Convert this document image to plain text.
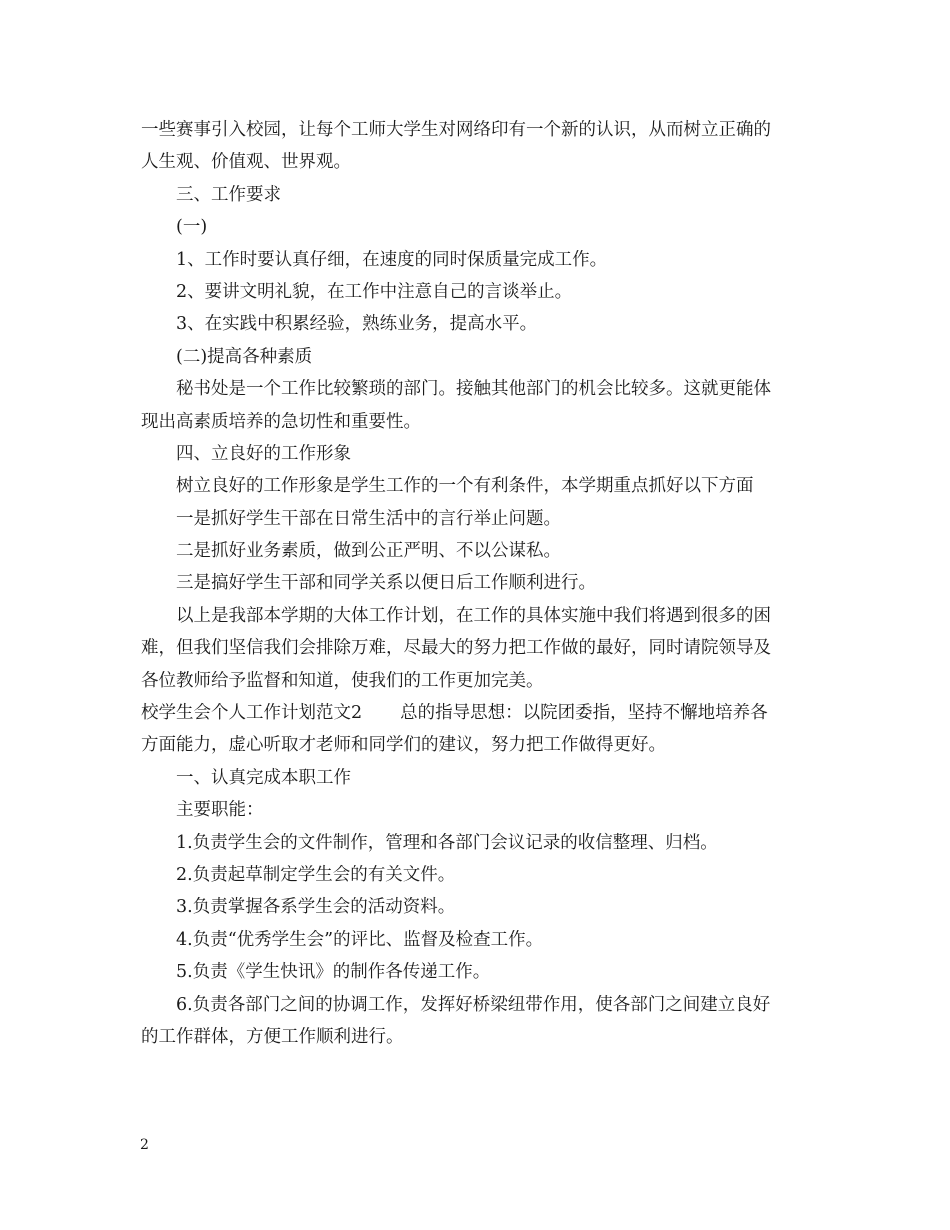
一些赛事引入校园，让每个工师大学生对网络印有一个新的认识，从而树立正确的
人生观、价值观、世界观。
三、工作要求
(一)
1、工作时要认真仔细，在速度的同时保质量完成工作。
2、要讲文明礼貌，在工作中注意自己的言谈举止。
3、在实践中积累经验，熟练业务，提高水平。
(二)提高各种素质
秘书处是一个工作比较繁琐的部门。接触其他部门的机会比较多。这就更能体
现出高素质培养的急切性和重要性。
四、立良好的工作形象
树立良好的工作形象是学生工作的一个有利条件，本学期重点抓好以下方面
一是抓好学生干部在日常生活中的言行举止问题。
二是抓好业务素质，做到公正严明、不以公谋私。
三是搞好学生干部和同学关系以便日后工作顺利进行。
以上是我部本学期的大体工作计划，在工作的具体实施中我们将遇到很多的困
难，但我们坚信我们会排除万难，尽最大的努力把工作做的最好，同时请院领导及
各位教师给予监督和知道，使我们的工作更加完美。
校学生会个人工作计划范文2 总的指导思想：以院团委指，坚持不懈地培养各
方面能力，虚心听取才老师和同学们的建议，努力把工作做得更好。
一、认真完成本职工作
主要职能：
1.负责学生会的文件制作，管理和各部门会议记录的收信整理、归档。
2.负责起草制定学生会的有关文件。
3.负责掌握各系学生会的活动资料。
4.负责“优秀学生会”的评比、监督及检查工作。
5.负责《学生快讯》的制作各传递工作。
6.负责各部门之间的协调工作，发挥好桥梁纽带作用，使各部门之间建立良好
的工作群体，方便工作顺利进行。
2
